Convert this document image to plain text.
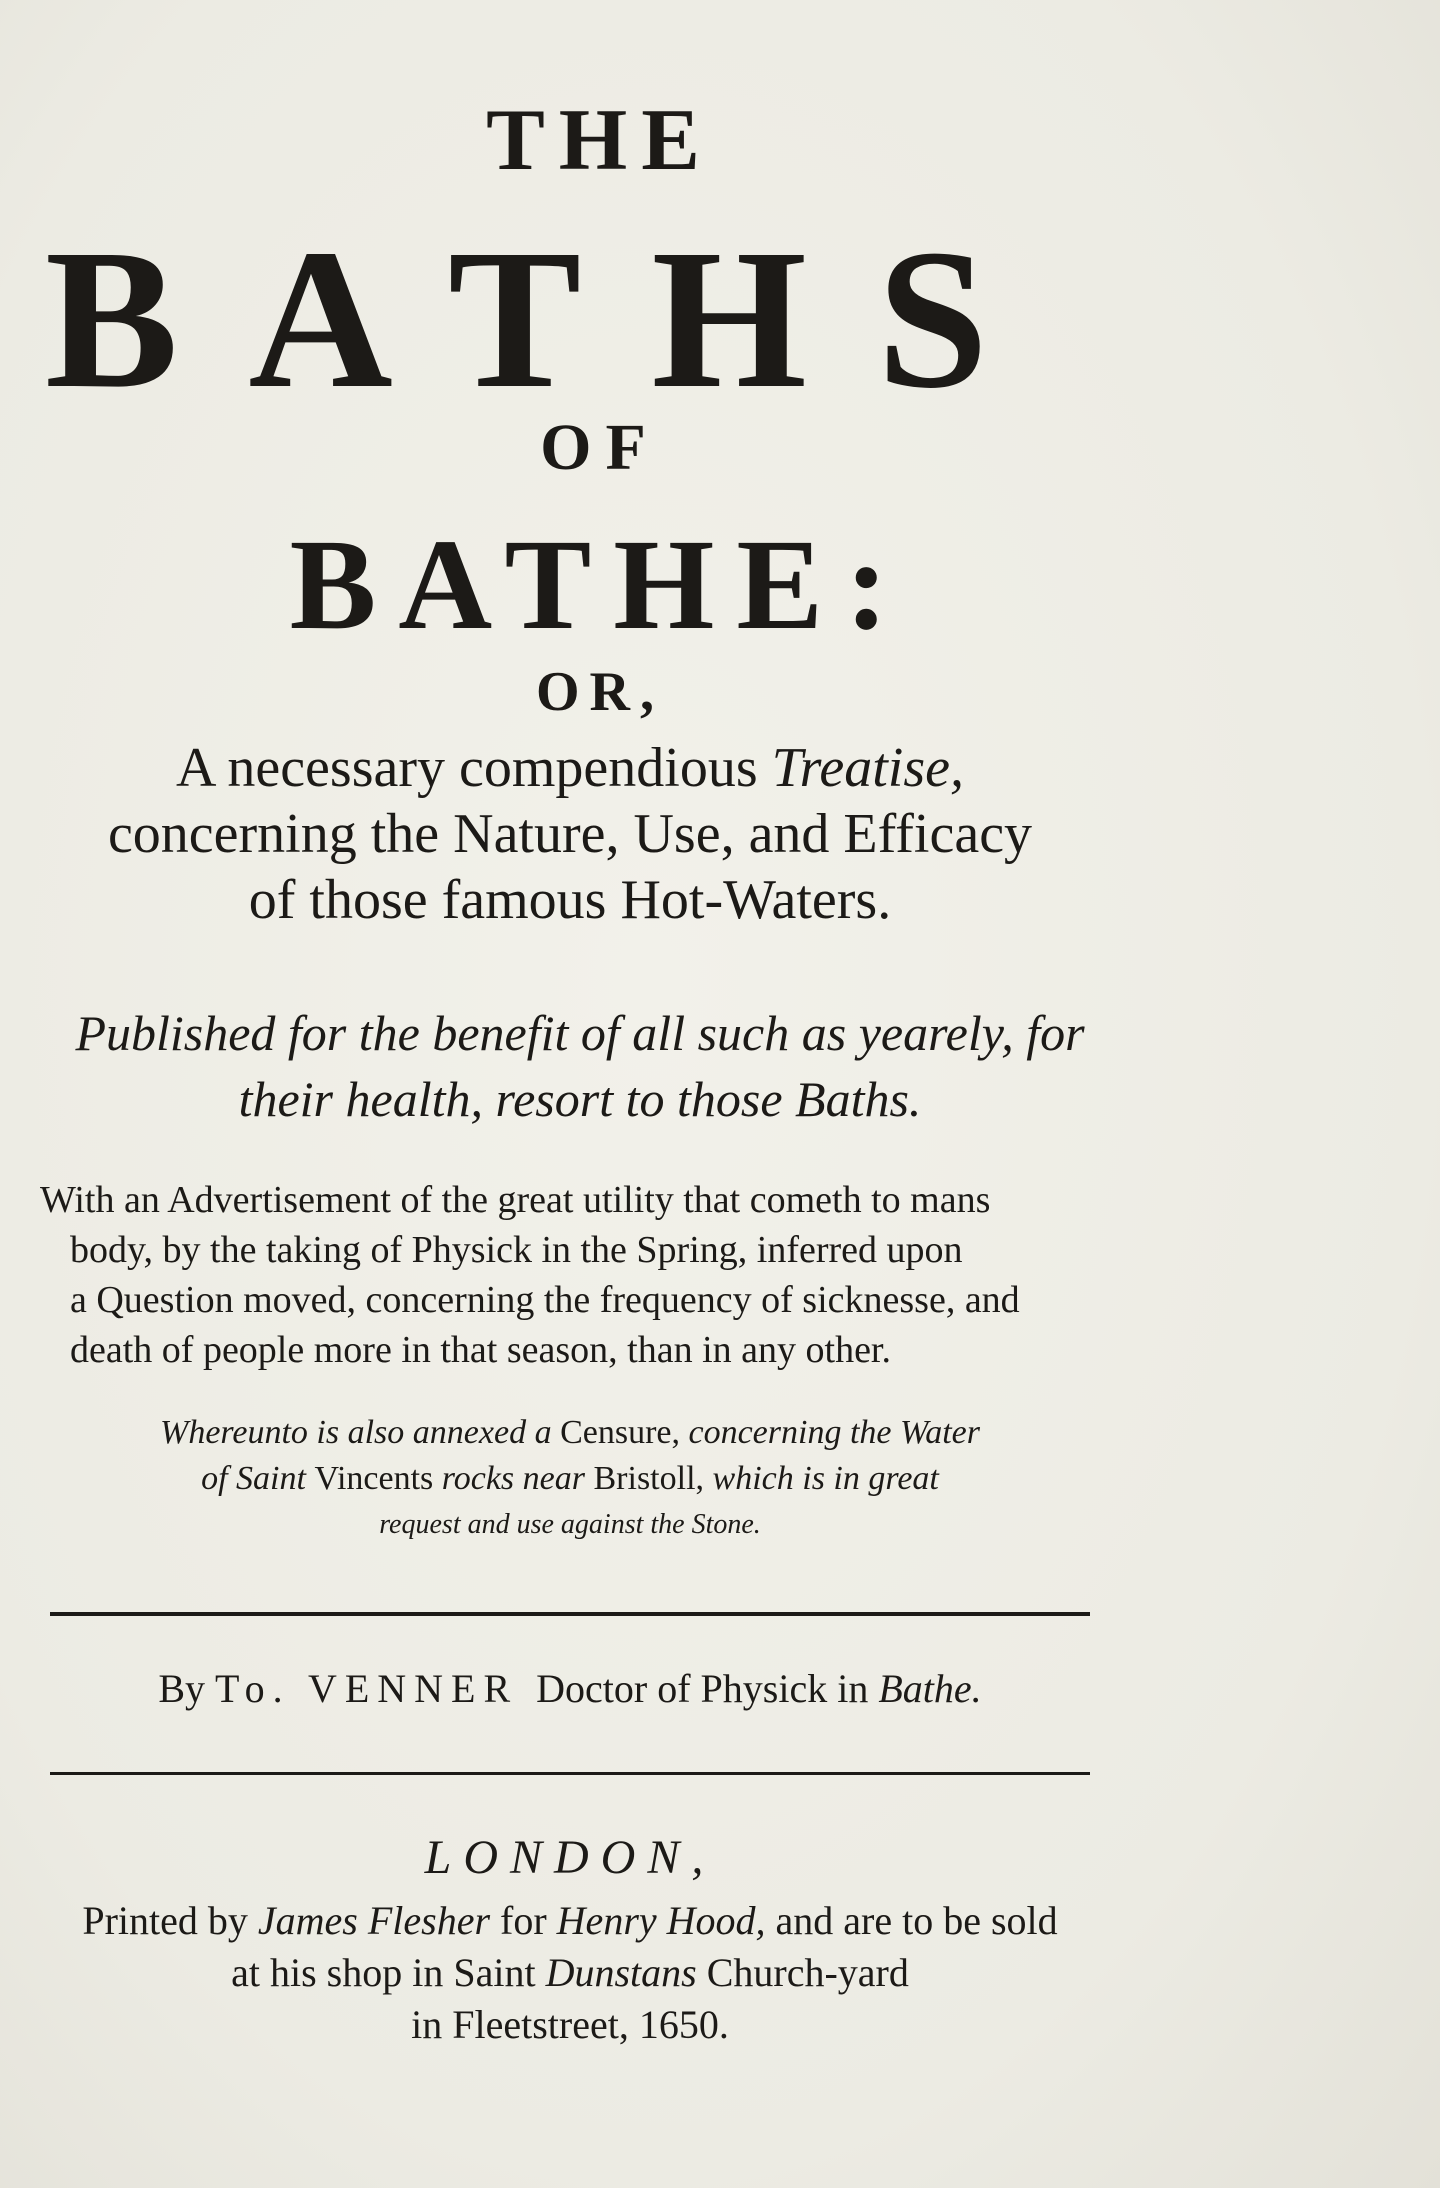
THE
BATHS
OF
BATHE:
OR,
A necessary compendious Treatise,
concerning the Nature, Use, and Efficacy
of those famous Hot-Waters.
Published for the benefit of all such as yearely, for
their health, resort to those Baths.
With an Advertisement of the great utility that cometh to mans
body, by the taking of Physick in the Spring, inferred upon
a Question moved, concerning the frequency of sicknesse, and
death of people more in that season, than in any other.
Whereunto is also annexed a Censure, concerning the Water
of Saint Vincents rocks near Bristoll, which is in great
request and use against the Stone.
By To. VENNER Doctor of Physick in Bathe.
LONDON,
Printed by James Flesher for Henry Hood, and are to be sold
at his shop in Saint Dunstans Church-yard
in Fleetstreet, 1650.
